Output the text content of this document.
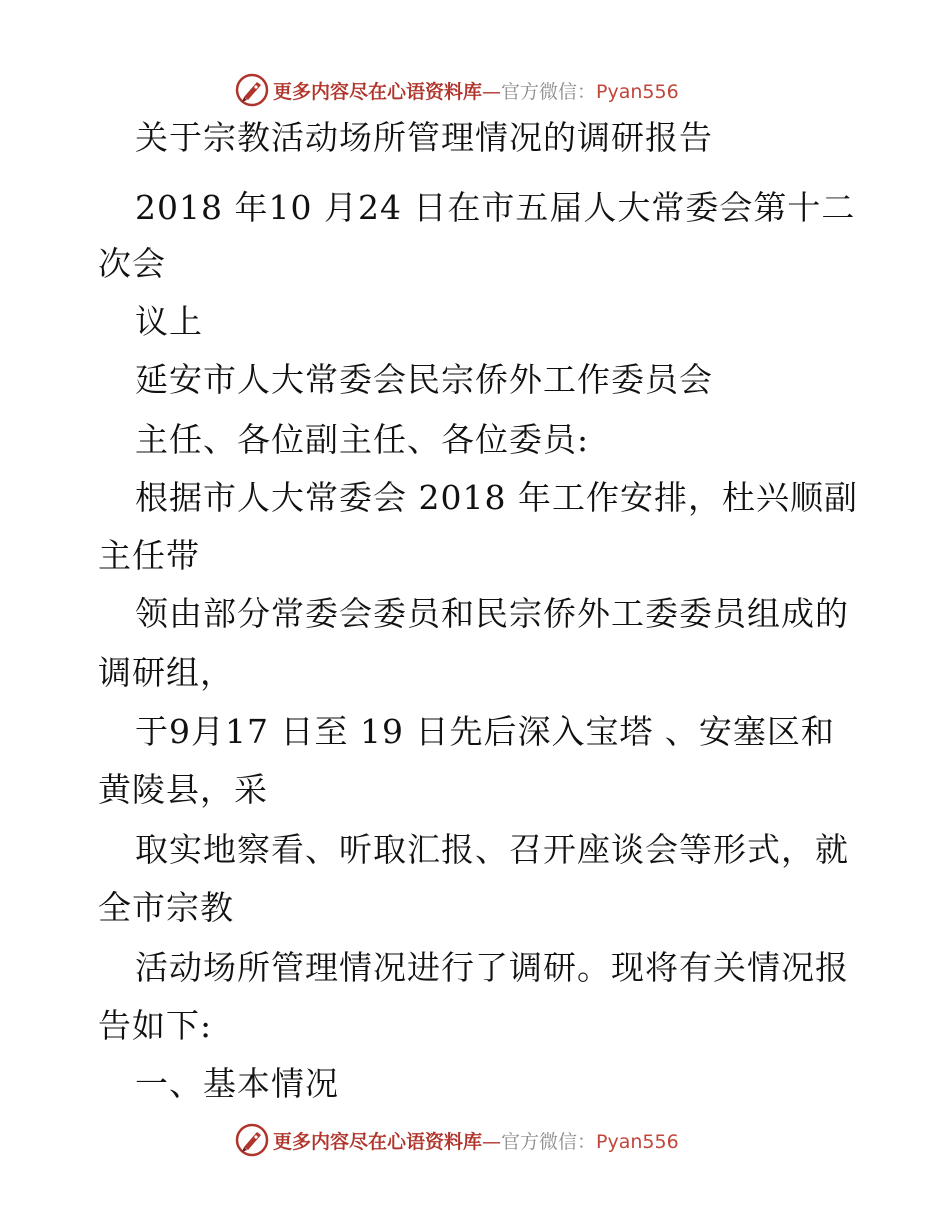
更多内容尽在心语资料库—官方微信：Pyan556
关于宗教活动场所管理情况的调研报告
2018 年10 月24 日在市五届人大常委会第十二
次会
议上
延安市人大常委会民宗侨外工作委员会
主任、各位副主任、各位委员:
根据市人大常委会 2018 年工作安排，杜兴顺副
主任带
领由部分常委会委员和民宗侨外工委委员组成的
调研组，
于9月17 日至 19 日先后深入宝塔 、安塞区和
黄陵县，采
取实地察看、听取汇报、召开座谈会等形式，就
全市宗教
活动场所管理情况进行了调研。现将有关情况报
告如下:
一、基本情况
更多内容尽在心语资料库—官方微信：Pyan556
